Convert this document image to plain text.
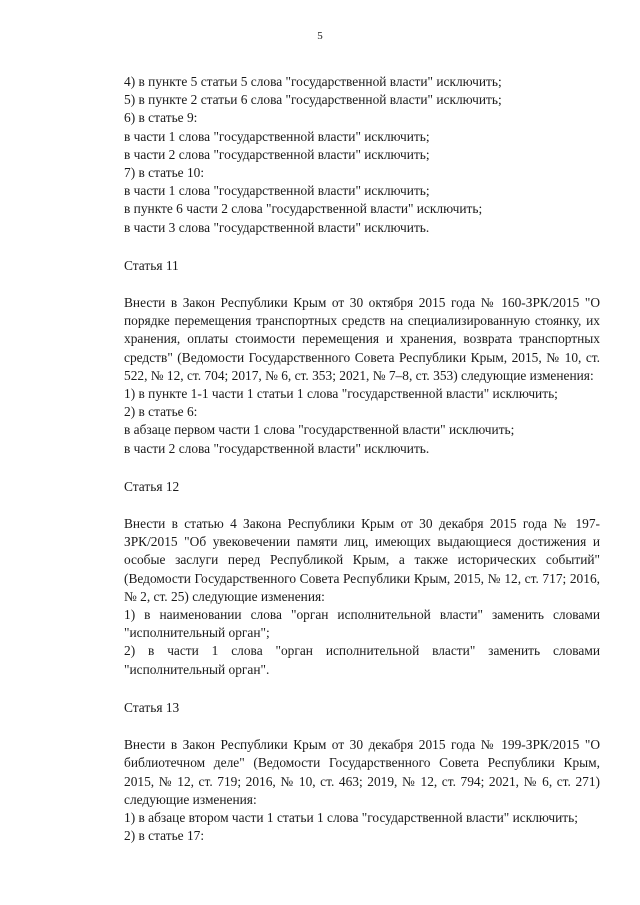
5

4) в пункте 5 статьи 5 слова "государственной власти" исключить;

5) в пункте 2 статьи 6 слова "государственной власти" исключить;

6) в статье 9:

в части 1 слова "государственной власти" исключить;

в части 2 слова "государственной власти" исключить;

7) в статье 10:

в части 1 слова "государственной власти" исключить;

в пункте 6 части 2 слова "государственной власти" исключить;

в части 3 слова "государственной власти" исключить.

Статья 11

Внести в Закон Республики Крым от 30 октября 2015 года № 160-ЗРК/2015 "О порядке перемещения транспортных средств на специализированную стоянку, их хранения, оплаты стоимости перемещения и хранения, возврата транспортных средств" (Ведомости Государственного Совета Республики Крым, 2015, № 10, ст. 522, № 12, ст. 704; 2017, № 6, ст. 353; 2021, № 7–8, ст. 353) следующие изменения:

1) в пункте 1-1 части 1 статьи 1 слова "государственной власти" исключить;

2) в статье 6:

в абзаце первом части 1 слова "государственной власти" исключить;

в части 2 слова "государственной власти" исключить.

Статья 12

Внести в статью 4 Закона Республики Крым от 30 декабря 2015 года № 197-ЗРК/2015 "Об увековечении памяти лиц, имеющих выдающиеся достижения и особые заслуги перед Республикой Крым, а также исторических событий" (Ведомости Государственного Совета Республики Крым, 2015, № 12, ст. 717; 2016, № 2, ст. 25) следующие изменения:

1) в наименовании слова "орган исполнительной власти" заменить словами "исполнительный орган";

2) в части 1 слова "орган исполнительной власти" заменить словами "исполнительный орган".

Статья 13

Внести в Закон Республики Крым от 30 декабря 2015 года № 199-ЗРК/2015 "О библиотечном деле" (Ведомости Государственного Совета Республики Крым, 2015, № 12, ст. 719; 2016, № 10, ст. 463; 2019, № 12, ст. 794; 2021, № 6, ст. 271) следующие изменения:

1) в абзаце втором части 1 статьи 1 слова "государственной власти" исключить;

2) в статье 17:
